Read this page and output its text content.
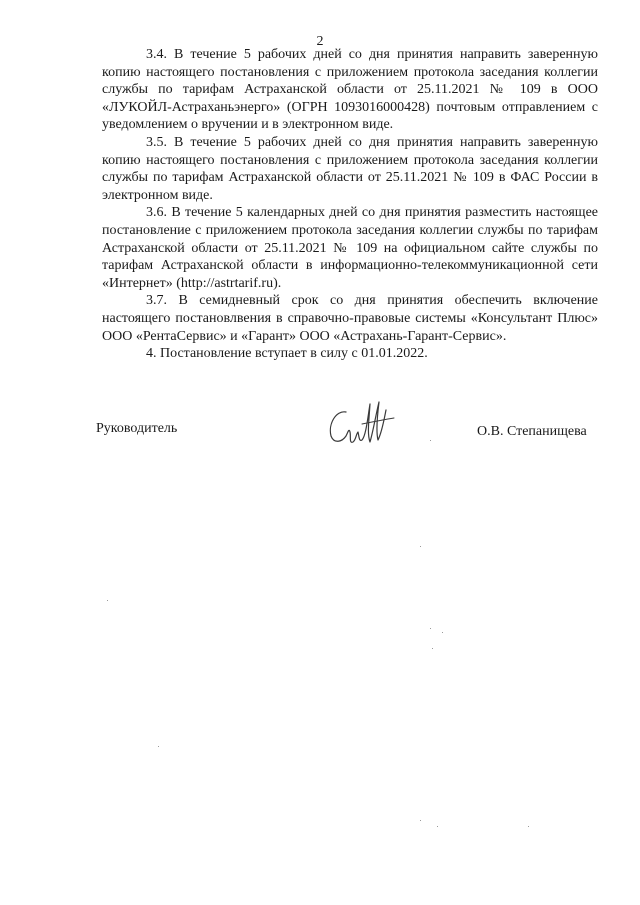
2

3.4. В течение 5 рабочих дней со дня принятия направить заверенную копию настоящего постановления с приложением протокола заседания коллегии службы по тарифам Астраханской области от 25.11.2021 № 109 в ООО «ЛУКОЙЛ-Астраханьэнерго» (ОГРН 1093016000428) почтовым отправлением с уведомлением о вручении и в электронном виде.

3.5. В течение 5 рабочих дней со дня принятия направить заверенную копию настоящего постановления с приложением протокола заседания коллегии службы по тарифам Астраханской области от 25.11.2021 № 109 в ФАС России в электронном виде.

3.6. В течение 5 календарных дней со дня принятия разместить настоящее постановление с приложением протокола заседания коллегии службы по тарифам Астраханской области от 25.11.2021 № 109 на официальном сайте службы по тарифам Астраханской области в информационно-телекоммуникационной сети «Интернет» (http://astrtarif.ru).

3.7. В семидневный срок со дня принятия обеспечить включение настоящего постановлвения в справочно-правовые системы «Консультант Плюс» ООО «РентаСервис» и «Гарант» ООО «Астрахань-Гарант-Сервис».

4. Постановление вступает в силу с 01.01.2022.

Руководитель	О.В. Степанищева
